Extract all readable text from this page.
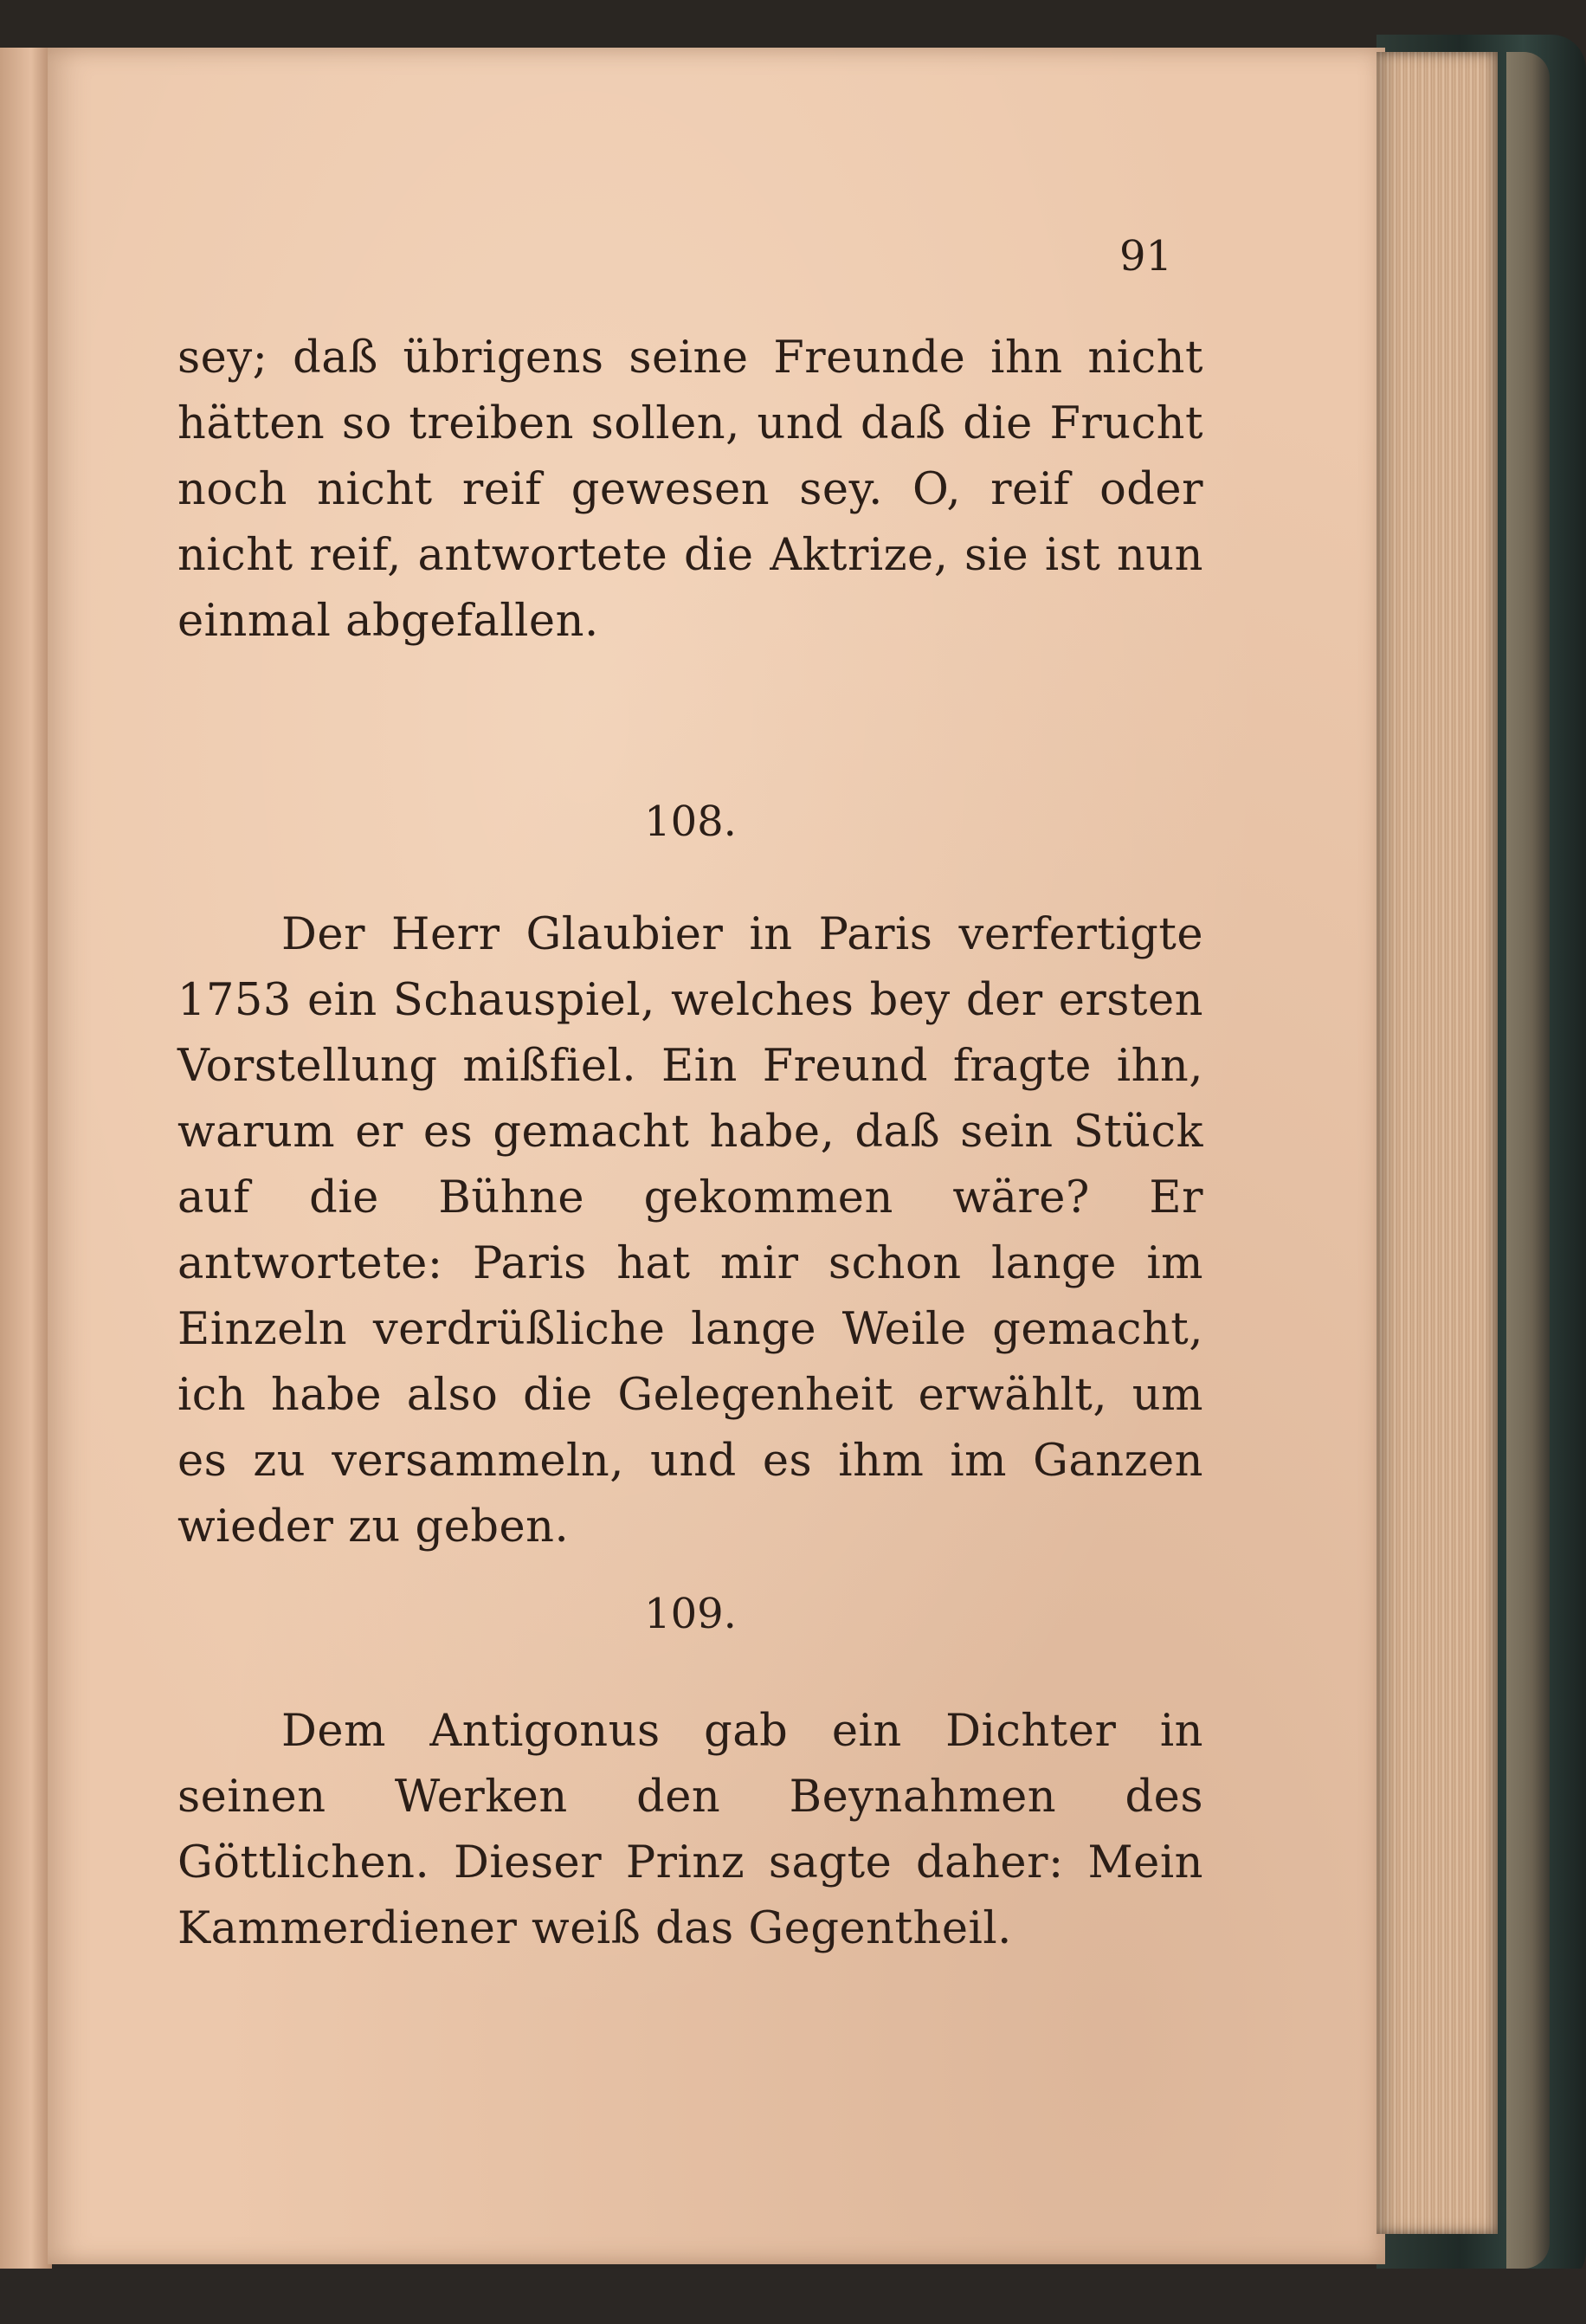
91

sey; daß übrigens seine Freunde ihn nicht hätten so treiben sollen, und daß die Frucht noch nicht reif gewesen sey. O, reif oder nicht reif, antwortete die Aktrize, sie ist nun einmal abgefallen.

108.

Der Herr Glaubier in Paris verfertigte 1753 ein Schauspiel, welches bey der ersten Vorstellung mißfiel. Ein Freund fragte ihn, warum er es gemacht habe, daß sein Stück auf die Bühne gekommen wäre? Er antwortete: Paris hat mir schon lange im Einzeln verdrüßliche lange Weile gemacht, ich habe also die Gelegenheit erwählt, um es zu versammeln, und es ihm im Ganzen wieder zu geben.

109.

Dem Antigonus gab ein Dichter in seinen Werken den Beynahmen des Göttlichen. Dieser Prinz sagte daher: Mein Kammerdiener weiß das Gegentheil.
